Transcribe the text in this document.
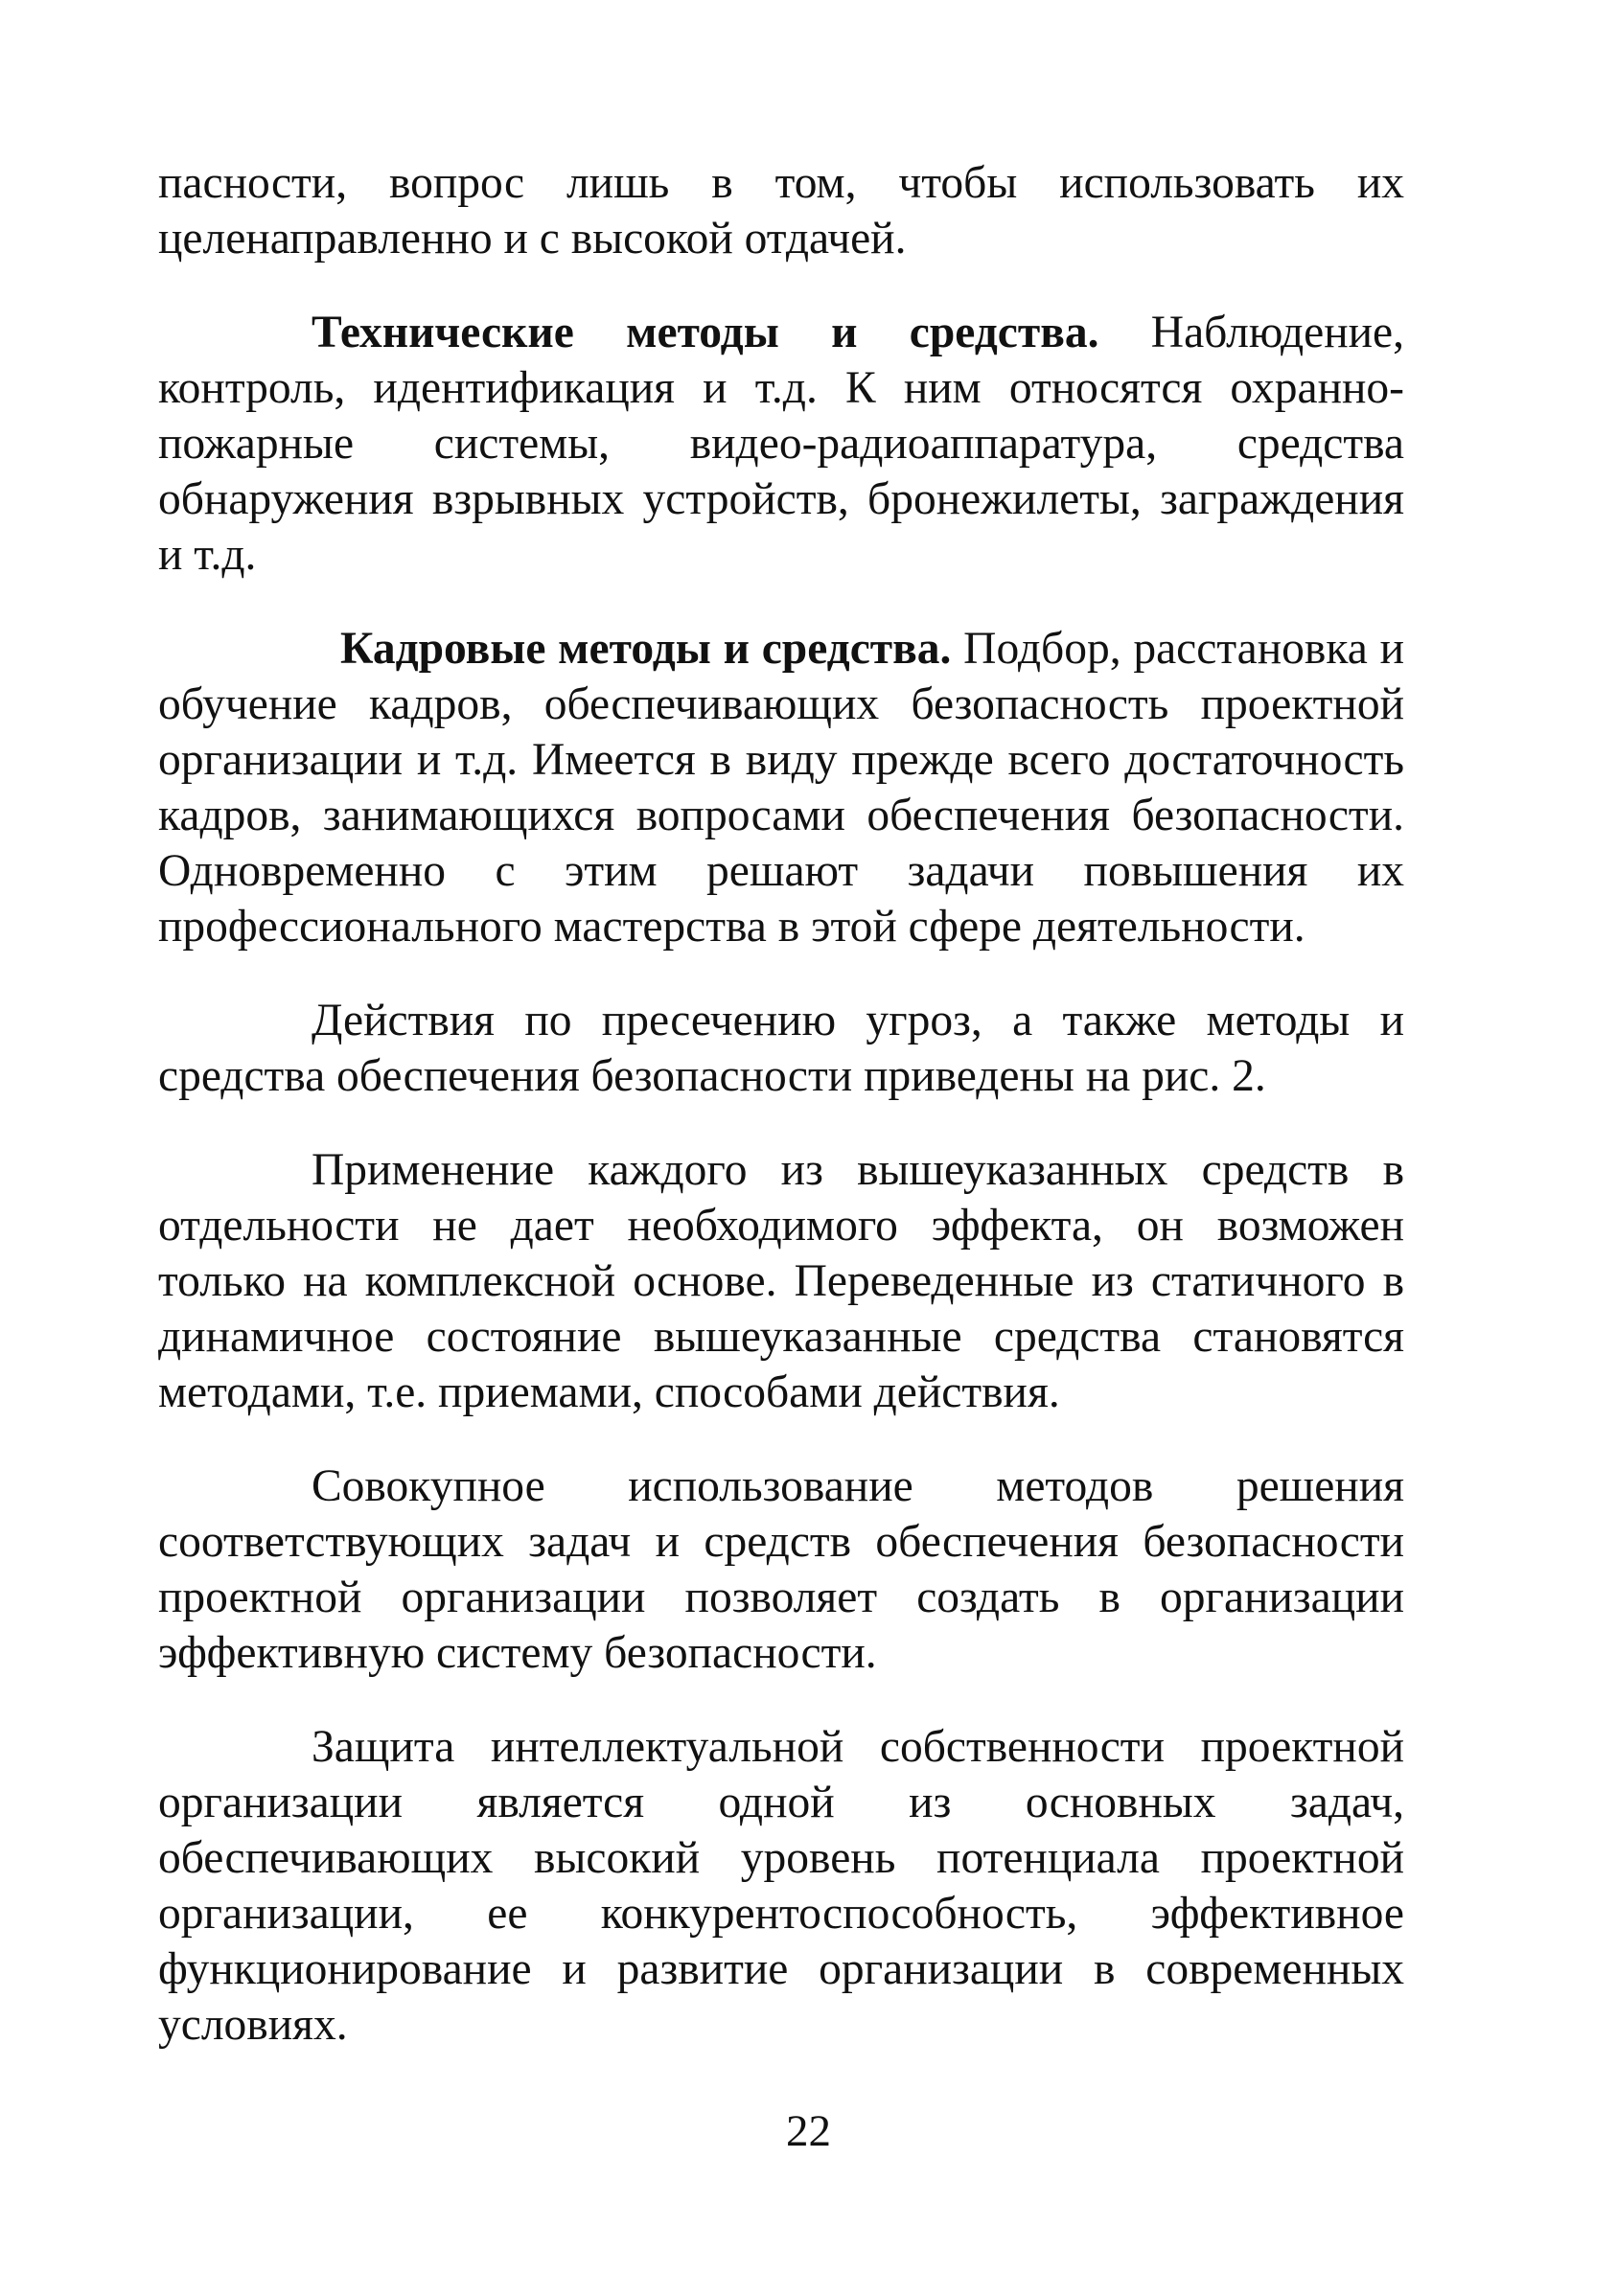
пасности, вопрос лишь в том, чтобы использовать их целенаправленно и с высокой отдачей.

Технические методы и средства. Наблюдение, контроль, идентификация и т.д. К ним относятся охранно-пожарные системы, видео-радиоаппаратура, средства обнаружения взрывных устройств, бронежилеты, заграждения и т.д.

Кадровые методы и средства. Подбор, расстановка и обучение кадров, обеспечивающих безопасность проектной организации и т.д. Имеется в виду прежде всего достаточность кадров, занимающихся вопросами обеспечения безопасности. Одновременно с этим решают задачи повышения их профессионального мастерства в этой сфере деятельности.

Действия по пресечению угроз, а также методы и средства обеспечения безопасности приведены на рис. 2.

Применение каждого из вышеуказанных средств в отдельности не дает необходимого эффекта, он возможен только на комплексной основе. Переведенные из статичного в динамичное состояние вышеуказанные средства становятся методами, т.е. приемами, способами действия.

Совокупное использование методов решения соответствующих задач и средств обеспечения безопасности проектной организации позволяет создать в организации эффективную систему безопасности.

Защита интеллектуальной собственности проектной организации является одной из основных задач, обеспечивающих высокий уровень потенциала проектной организации, ее конкурентоспособность, эффективное функционирование и развитие организации в современных условиях.

22
